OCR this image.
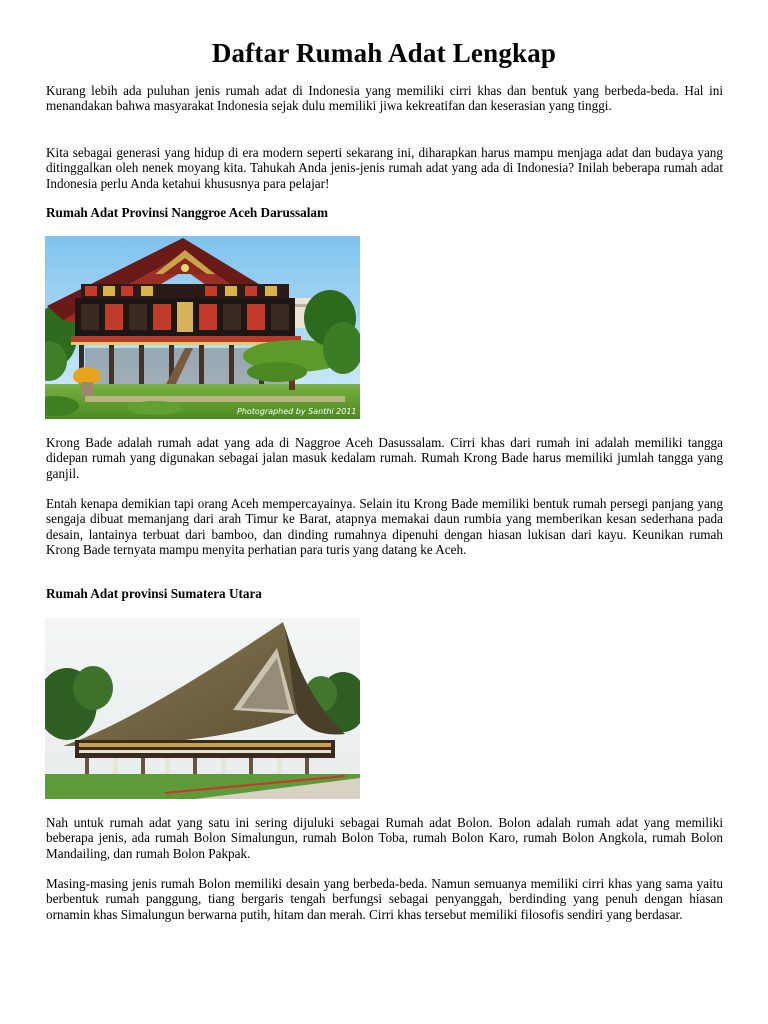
Daftar Rumah Adat Lengkap

Kurang lebih ada puluhan jenis rumah adat di Indonesia yang memiliki cirri khas dan bentuk yang berbeda-beda. Hal ini menandakan bahwa masyarakat Indonesia sejak dulu memiliki jiwa kekreatifan dan keserasian yang tinggi.

Kita sebagai generasi yang hidup di era modern seperti sekarang ini, diharapkan harus mampu menjaga adat dan budaya yang ditinggalkan oleh nenek moyang kita. Tahukah Anda jenis-jenis rumah adat yang ada di Indonesia? Inilah beberapa rumah adat Indonesia perlu Anda ketahui khususnya para pelajar!

Rumah Adat Provinsi Nanggroe Aceh Darussalam
Photographed by Santhi 2011

Krong Bade adalah rumah adat yang ada di Naggroe Aceh Dasussalam. Cirri khas dari rumah ini adalah memiliki tangga didepan rumah yang digunakan sebagai jalan masuk kedalam rumah. Rumah Krong Bade harus memiliki jumlah tangga yang ganjil.

Entah kenapa demikian tapi orang Aceh mempercayainya. Selain itu Krong Bade memiliki bentuk rumah persegi panjang yang sengaja dibuat memanjang dari arah Timur ke Barat, atapnya memakai daun rumbia yang memberikan kesan sederhana pada desain, lantainya terbuat dari bamboo, dan dinding rumahnya dipenuhi dengan hiasan lukisan dari kayu. Keunikan rumah Krong Bade ternyata mampu menyita perhatian para turis yang datang ke Aceh.

Rumah Adat provinsi Sumatera Utara

Nah untuk rumah adat yang satu ini sering dijuluki sebagai Rumah adat Bolon. Bolon adalah rumah adat yang memiliki beberapa jenis, ada rumah Bolon Simalungun, rumah Bolon Toba, rumah Bolon Karo, rumah Bolon Angkola, rumah Bolon Mandailing, dan rumah Bolon Pakpak.

Masing-masing jenis rumah Bolon memiliki desain yang berbeda-beda. Namun semuanya memiliki cirri khas yang sama yaitu berbentuk rumah panggung, tiang bergaris tengah berfungsi sebagai penyanggah, berdinding yang penuh dengan hiasan ornamin khas Simalungun berwarna putih, hitam dan merah. Cirri khas tersebut memiliki filosofis sendiri yang berdasar.
